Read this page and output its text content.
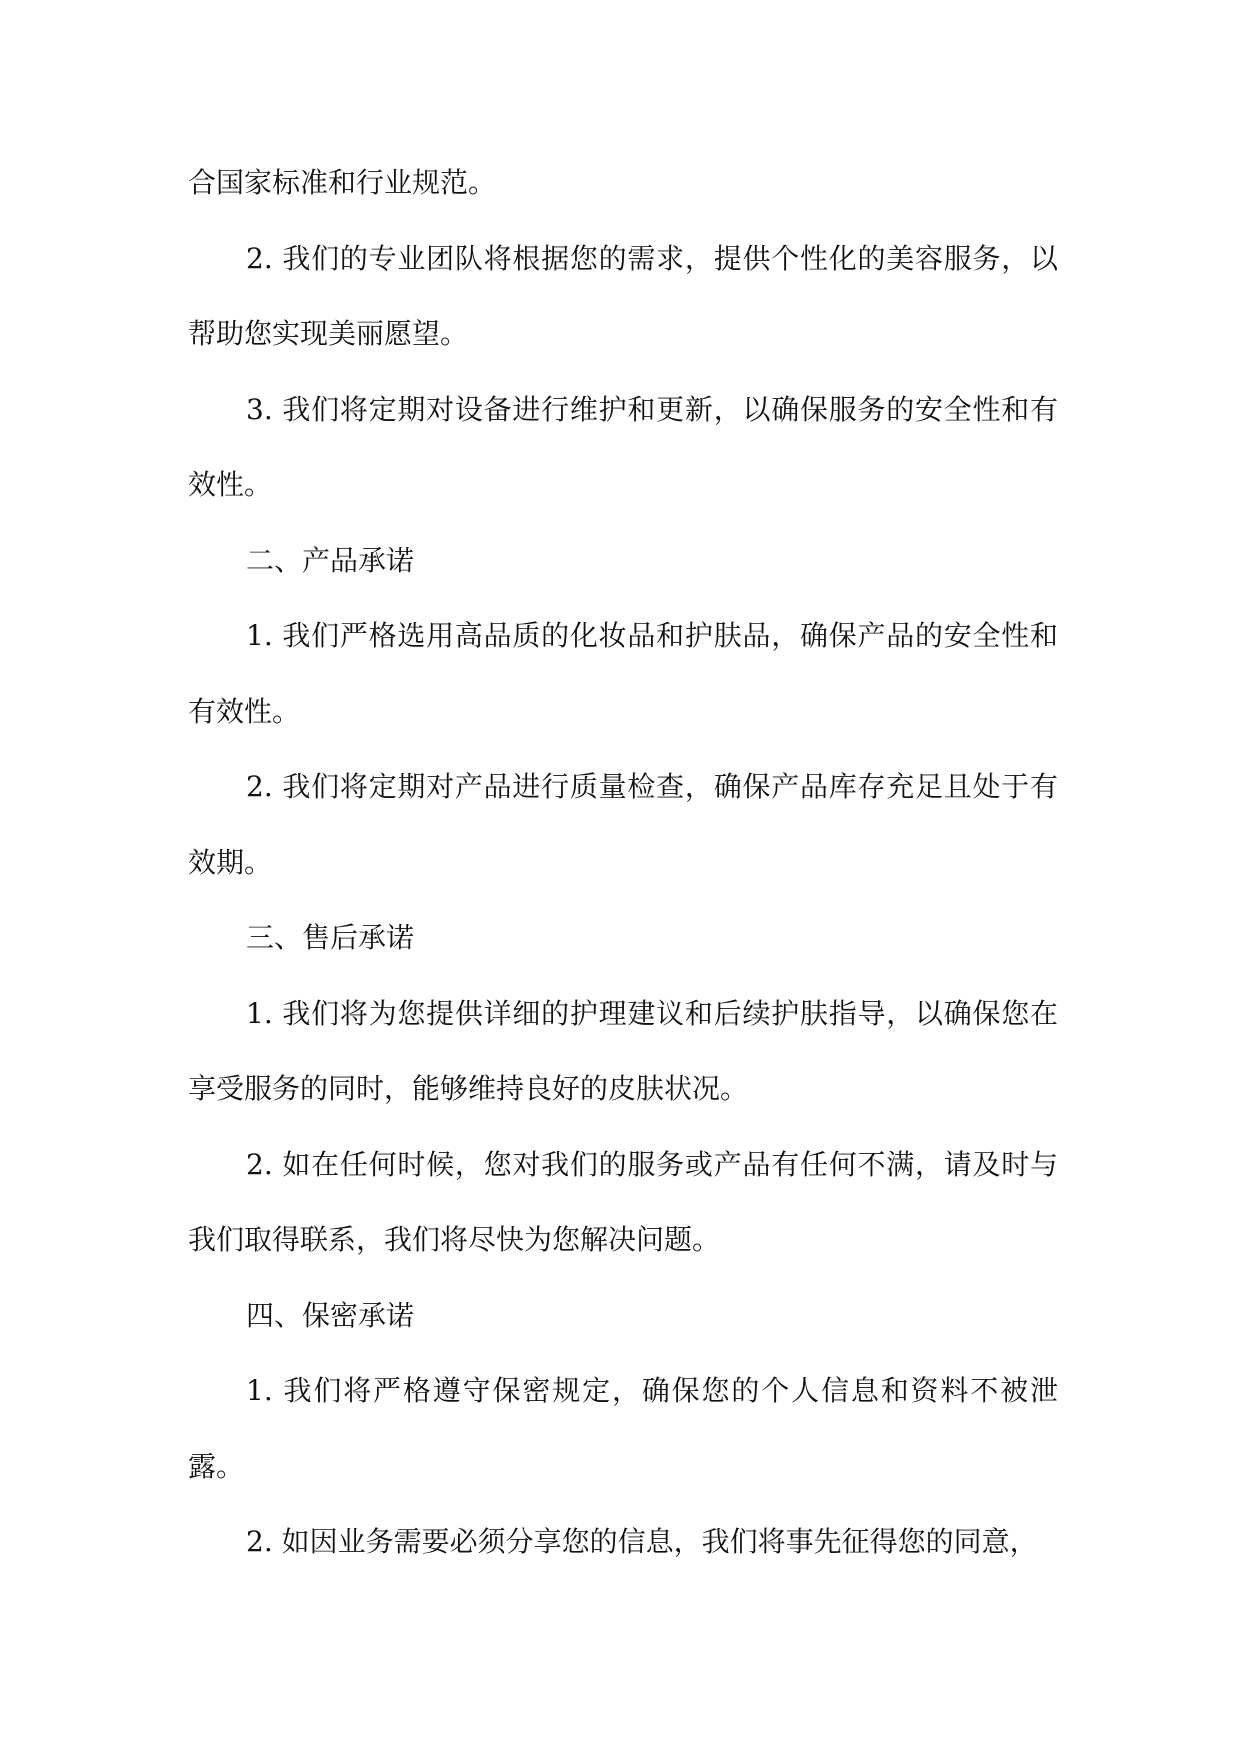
合国家标准和行业规范。

2. 我们的专业团队将根据您的需求，提供个性化的美容服务，以帮助您实现美丽愿望。

3. 我们将定期对设备进行维护和更新，以确保服务的安全性和有效性。

二、产品承诺

1. 我们严格选用高品质的化妆品和护肤品，确保产品的安全性和有效性。

2. 我们将定期对产品进行质量检查，确保产品库存充足且处于有效期。

三、售后承诺

1. 我们将为您提供详细的护理建议和后续护肤指导，以确保您在享受服务的同时，能够维持良好的皮肤状况。

2. 如在任何时候，您对我们的服务或产品有任何不满，请及时与我们取得联系，我们将尽快为您解决问题。

四、保密承诺

1. 我们将严格遵守保密规定，确保您的个人信息和资料不被泄露。

2. 如因业务需要必须分享您的信息，我们将事先征得您的同意，
